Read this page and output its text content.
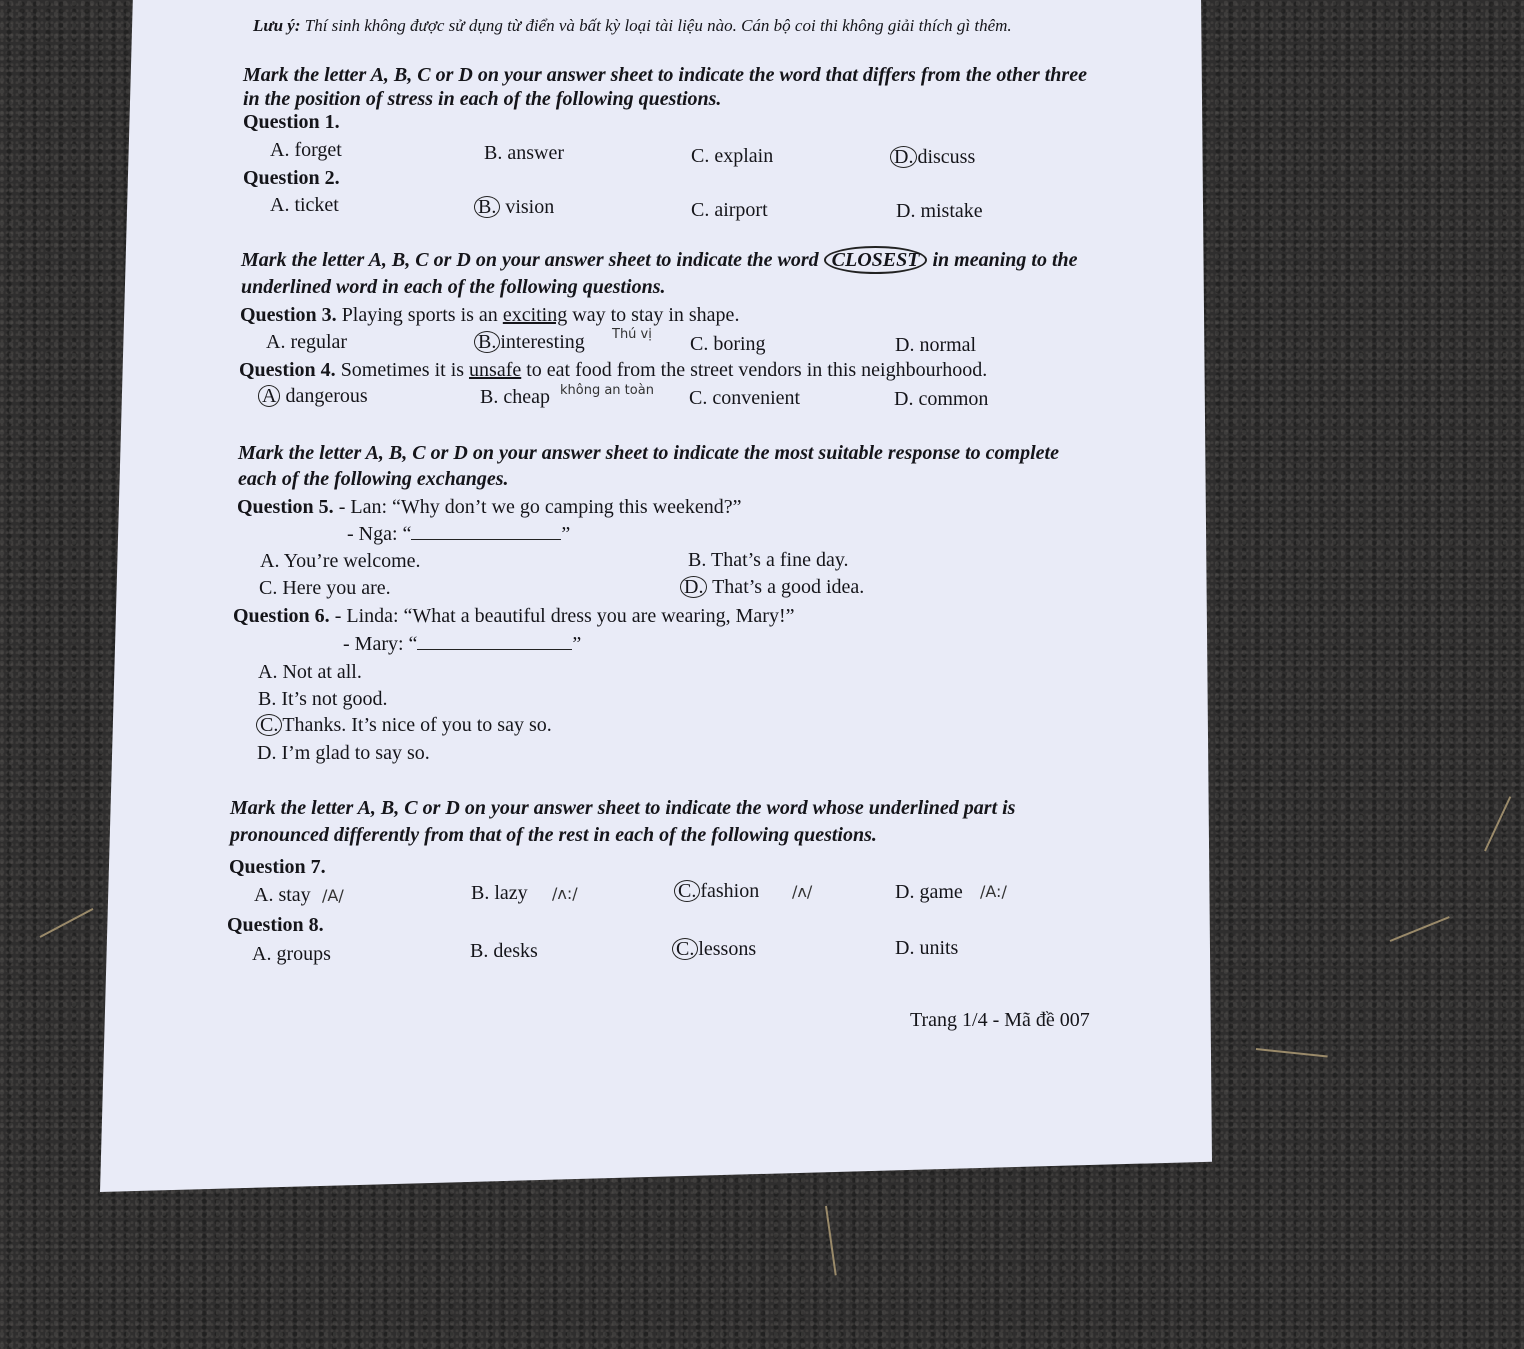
Lưu ý: Thí sinh không được sử dụng từ điển và bất kỳ loại tài liệu nào. Cán bộ coi thi không giải thích gì thêm.
Mark the letter A, B, C or D on your answer sheet to indicate the word that differs from the other three
in the position of stress in each of the following questions.
Question 1.
A. forget	B. answer	C. explain	D. discuss
Question 2.
A. ticket	B. vision	C. airport	D. mistake
Mark the letter A, B, C or D on your answer sheet to indicate the word CLOSEST in meaning to the
underlined word in each of the following questions.
Question 3. Playing sports is an exciting way to stay in shape.
A. regular	B. interesting Thú vị C. boring	D. normal
Question 4. Sometimes it is unsafe to eat food from the street vendors in this neighbourhood.
A dangerous	B. cheap không an toàn C. convenient	D. common
Mark the letter A, B, C or D on your answer sheet to indicate the most suitable response to complete
each of the following exchanges.
Question 5. - Lan: “Why don’t we go camping this weekend?”
- Nga: “	”
A. You’re welcome.	B. That’s a fine day.
C. Here you are.	D. That’s a good idea.
Question 6. - Linda: “What a beautiful dress you are wearing, Mary!”
- Mary: “	”
A. Not at all.
B. It’s not good.
C. Thanks. It’s nice of you to say so.
D. I’m glad to say so.
Mark the letter A, B, C or D on your answer sheet to indicate the word whose underlined part is
pronounced differently from that of the rest in each of the following questions.
Question 7.
A. stay /A/	B. lazy /ʌ:/	C. fashion /ʌ/	D. game /A:/
Question 8.
A. groups	B. desks	C. lessons	D. units
Trang 1/4 - Mã đề 007
